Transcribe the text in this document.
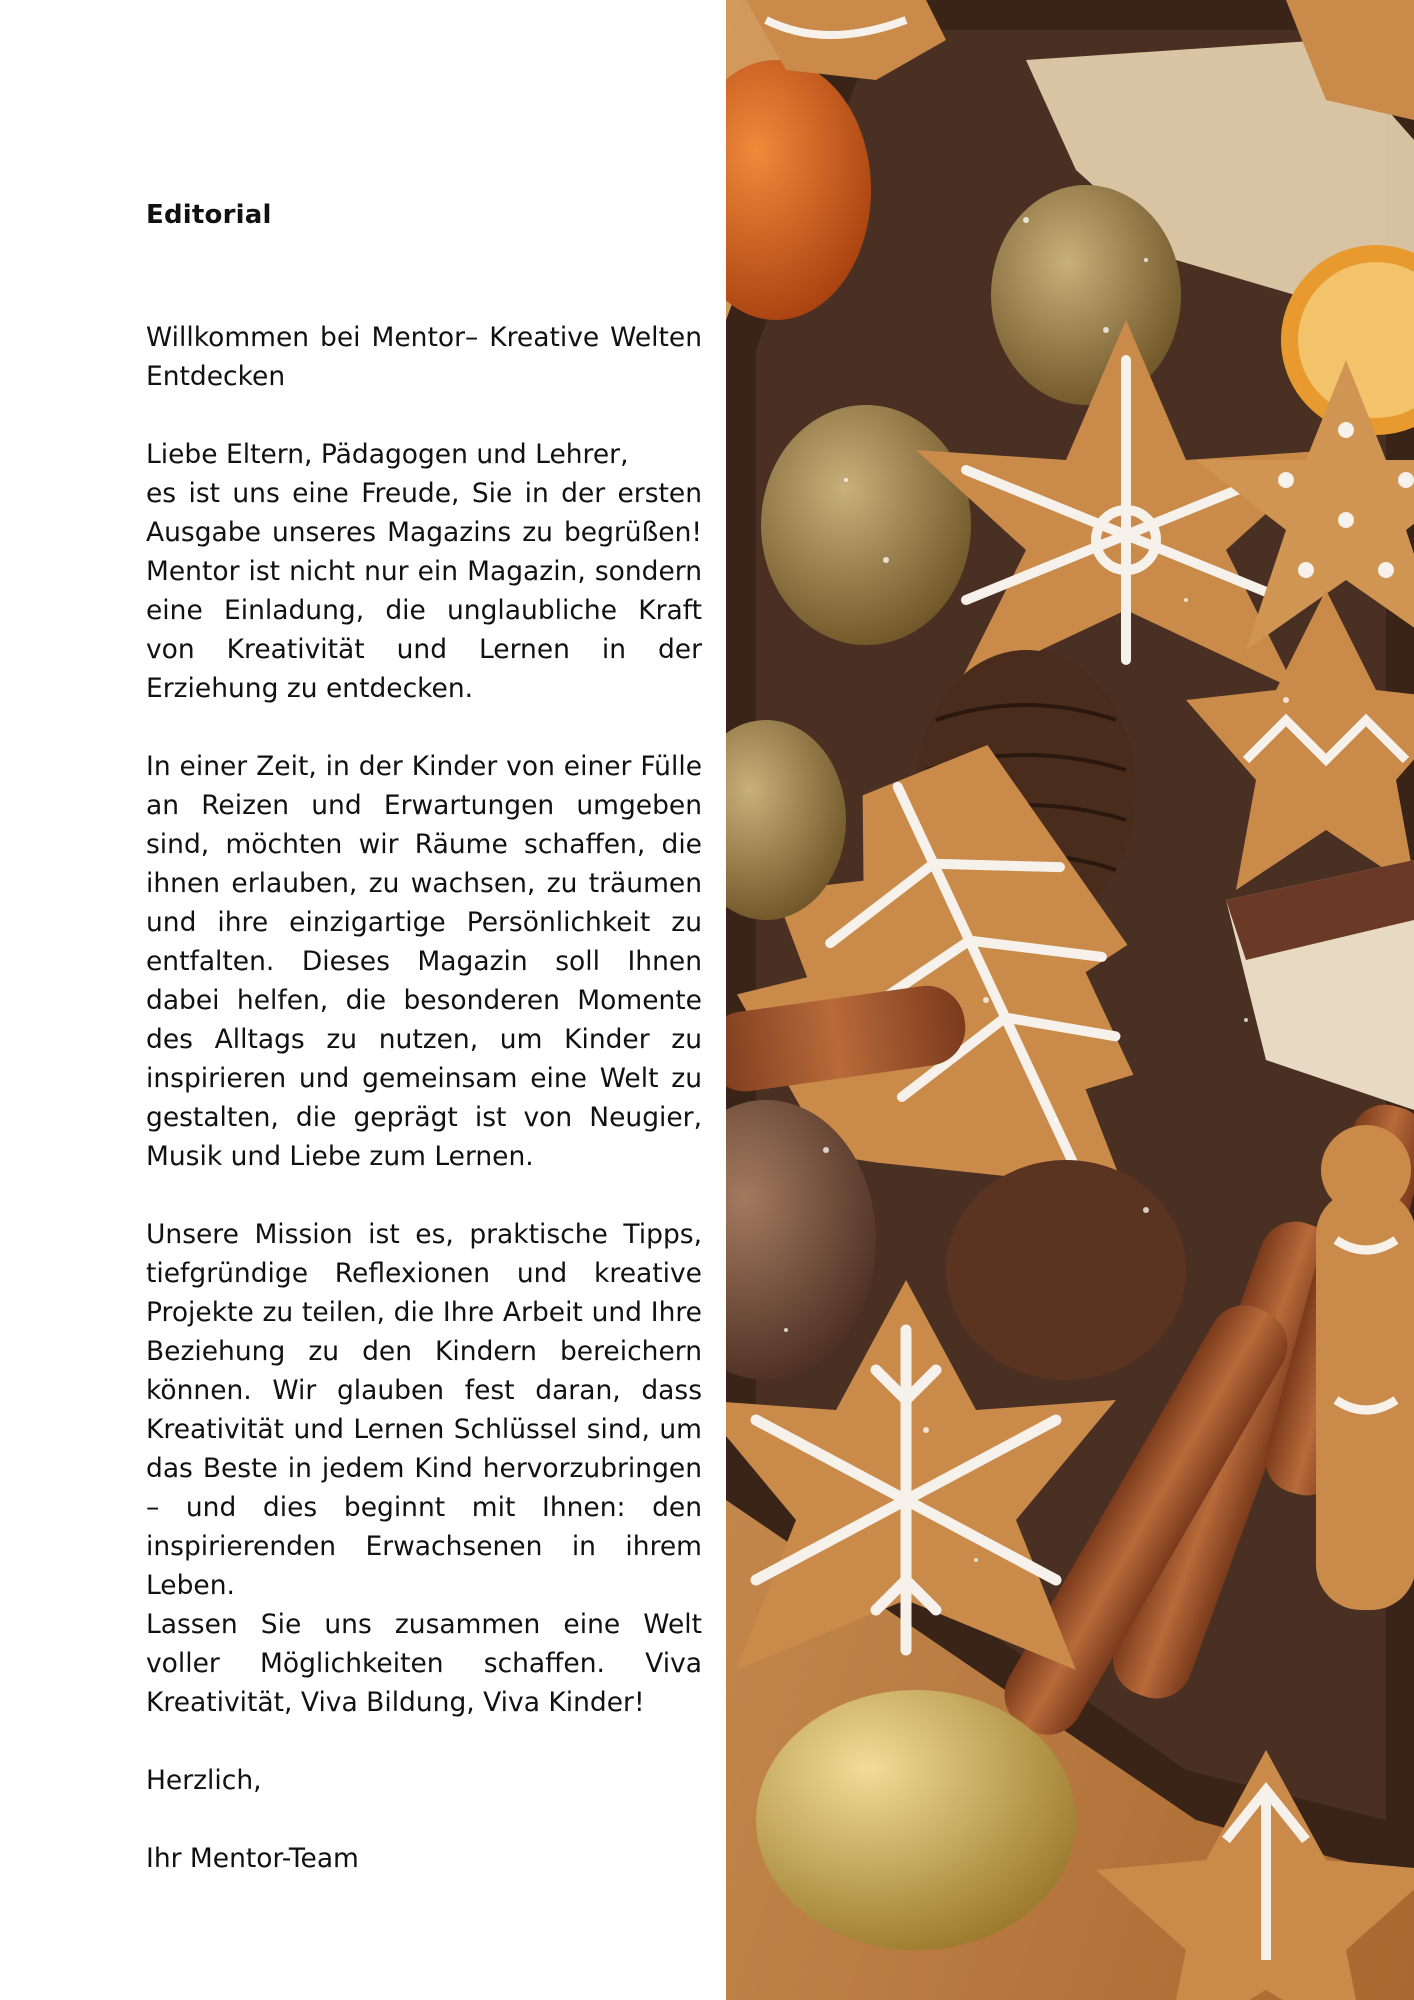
Editorial

Willkommen bei Mentor– Kreative Welten Entdecken

Liebe Eltern, Pädagogen und Lehrer,

es ist uns eine Freude, Sie in der ersten Ausgabe unseres Magazins zu begrüßen! Mentor ist nicht nur ein Magazin, sondern eine Einladung, die unglaubliche Kraft von Kreativität und Lernen in der Erziehung zu entdecken.

In einer Zeit, in der Kinder von einer Fülle an Reizen und Erwartungen umgeben sind, möchten wir Räume schaffen, die ihnen erlauben, zu wachsen, zu träumen und ihre einzigartige Persönlichkeit zu entfalten. Dieses Magazin soll Ihnen dabei helfen, die besonderen Momente des Alltags zu nutzen, um Kinder zu inspirieren und gemeinsam eine Welt zu gestalten, die geprägt ist von Neugier, Musik und Liebe zum Lernen.

Unsere Mission ist es, praktische Tipps, tiefgründige Reflexionen und kreative Projekte zu teilen, die Ihre Arbeit und Ihre Beziehung zu den Kindern bereichern können. Wir glauben fest daran, dass Kreativität und Lernen Schlüssel sind, um das Beste in jedem Kind hervorzubringen – und dies beginnt mit Ihnen: den inspirierenden Erwachsenen in ihrem Leben.

Lassen Sie uns zusammen eine Welt voller Möglichkeiten schaffen. Viva Kreativität, Viva Bildung, Viva Kinder!

Herzlich,

Ihr Mentor-Team
